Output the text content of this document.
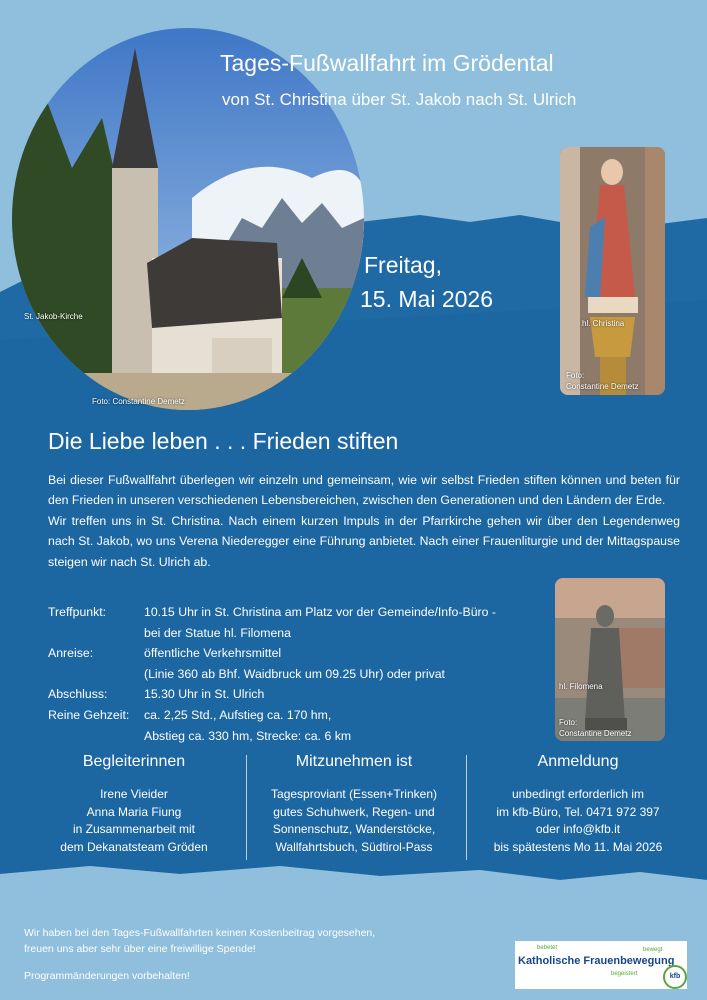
St. Jakob-Kirche
Foto: Constantine Demetz
Tages-Fußwallfahrt im Grödental
von St. Christina über St. Jakob nach St. Ulrich
Freitag,
15. Mai 2026
hl. Christina
Foto:
Constantine Demetz
Die Liebe leben . . . Frieden stiften

Bei dieser Fußwallfahrt überlegen wir einzeln und gemeinsam, wie wir selbst Frieden stiften können und beten für den Frieden in unseren verschiedenen Lebensbereichen, zwischen den Generationen und den Ländern der Erde.

Wir treffen uns in St. Christina. Nach einem kurzen Impuls in der Pfarrkirche gehen wir über den Legendenweg nach St. Jakob, wo uns Verena Niederegger eine Führung anbietet. Nach einer Frauenliturgie und der Mittagspause steigen wir nach St. Ulrich ab.

hl. Filomena
Foto:
Constantine Demetz
Treffpunkt:	10.15 Uhr in St. Christina am Platz vor der Gemeinde/Info-Büro -
bei der Statue hl. Filomena
Anreise:	öffentliche Verkehrsmittel
(Linie 360 ab Bhf. Waidbruck um 09.25 Uhr) oder privat
Abschluss:	15.30 Uhr in St. Ulrich
Reine Gehzeit:	ca. 2,25 Std., Aufstieg ca. 170 hm,
Abstieg ca. 330 hm, Strecke: ca. 6 km
Begleiterinnen
Irene Vieider
Anna Maria Fiung
in Zusammenarbeit mit
dem Dekanatsteam Gröden
Mitzunehmen ist
Tagesproviant (Essen+Trinken)
gutes Schuhwerk, Regen- und
Sonnenschutz, Wanderstöcke,
Wallfahrtsbuch, Südtirol-Pass
Anmeldung
unbedingt erforderlich im
im kfb-Büro, Tel. 0471 972 397
oder info@kfb.it
bis spätestens Mo 11. Mai 2026
Wir haben bei den Tages-Fußwallfahrten keinen Kostenbeitrag vorgesehen,
freuen uns aber sehr über eine freiwillige Spende!
Programmänderungen vorbehalten!
bebetet	bewegt
Katholische Frauenbewegung
begeistert	kfb
